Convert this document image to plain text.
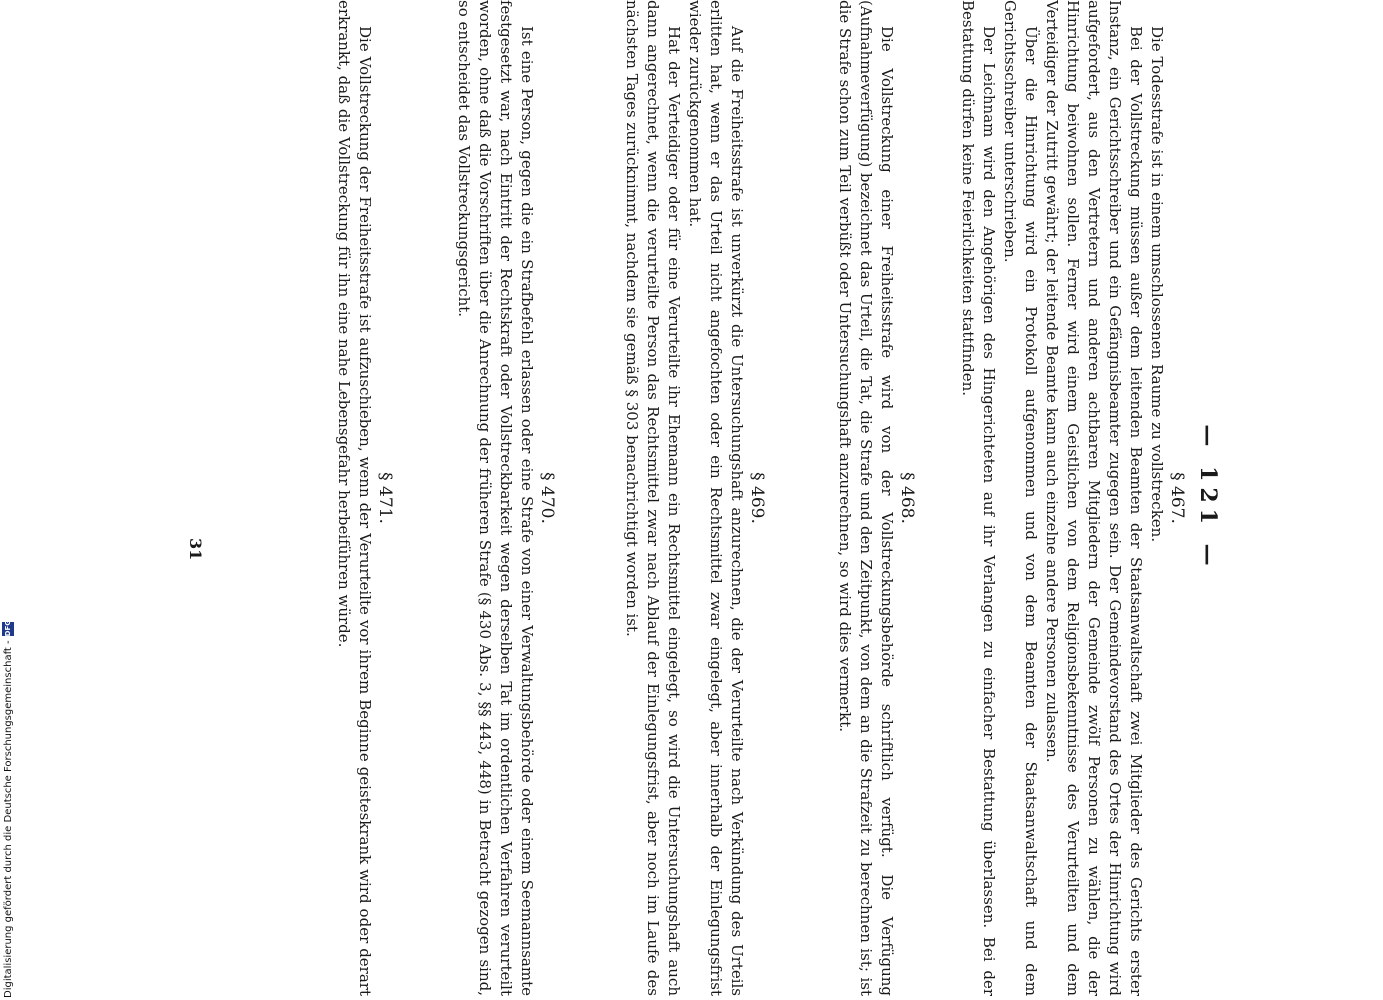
— 121 —

§ 467.

Die Todesstrafe ist in einem umschlossenen Raume zu vollstrecken.

Bei der Vollstreckung müssen außer dem leitenden Beamten der Staatsanwaltschaft zwei Mitglieder des Gerichts erster Instanz, ein Gerichtsschreiber und ein Gefängnisbeamter zugegen sein. Der Gemeindevorstand des Ortes der Hinrichtung wird aufgefordert, aus den Vertretern und anderen achtbaren Mitgliedern der Gemeinde zwölf Personen zu wählen, die der Hinrichtung beiwohnen sollen. Ferner wird einem Geistlichen von dem Religionsbekenntnisse des Verurteilten und dem Verteidiger der Zutritt gewährt; der leitende Beamte kann auch einzelne andere Personen zulassen.

Über die Hinrichtung wird ein Protokoll aufgenommen und von dem Beamten der Staatsanwaltschaft und dem Gerichtsschreiber unterschrieben.

Der Leichnam wird den Angehörigen des Hingerichteten auf ihr Verlangen zu einfacher Bestattung überlassen. Bei der Bestattung dürfen keine Feierlichkeiten stattfinden.

§ 468.

Die Vollstreckung einer Freiheitsstrafe wird von der Vollstreckungsbehörde schriftlich verfügt. Die Verfügung (Aufnahmeverfügung) bezeichnet das Urteil, die Tat, die Strafe und den Zeitpunkt, von dem an die Strafzeit zu berechnen ist; ist die Strafe schon zum Teil verbüßt oder Untersuchungshaft anzurechnen, so wird dies vermerkt.

§ 469.

Auf die Freiheitsstrafe ist unverkürzt die Untersuchungshaft anzurechnen, die der Verurteilte nach Verkündung des Urteils erlitten hat, wenn er das Urteil nicht angefochten oder ein Rechtsmittel zwar eingelegt, aber innerhalb der Einlegungsfrist wieder zurückgenommen hat.

Hat der Verteidiger oder für eine Verurteilte ihr Ehemann ein Rechtsmittel eingelegt, so wird die Untersuchungshaft auch dann angerechnet, wenn die verurteilte Person das Rechtsmittel zwar nach Ablauf der Einlegungsfrist, aber noch im Laufe des nächsten Tages zurücknimmt, nachdem sie gemäß § 303 benachrichtigt worden ist.

§ 470.

Ist eine Person, gegen die ein Strafbefehl erlassen oder eine Strafe von einer Verwaltungsbehörde oder einem Seemannsamte festgesetzt war, nach Eintritt der Rechtskraft oder Vollstreckbarkeit wegen derselben Tat im ordentlichen Verfahren verurteilt worden, ohne daß die Vorschriften über die Anrechnung der früheren Strafe (§ 430 Abs. 3, §§ 443, 448) in Betracht gezogen sind, so entscheidet das Vollstreckungsgericht.

§ 471.

Die Vollstreckung der Freiheitsstrafe ist aufzuschieben, wenn der Verurteilte vor ihrem Beginne geisteskrank wird oder derart erkrankt, daß die Vollstreckung für ihn eine nahe Lebensgefahr herbeiführen würde.

31
Digitalisierung gefördert durch die Deutsche Forschungsgemeinschaft -
DFG
